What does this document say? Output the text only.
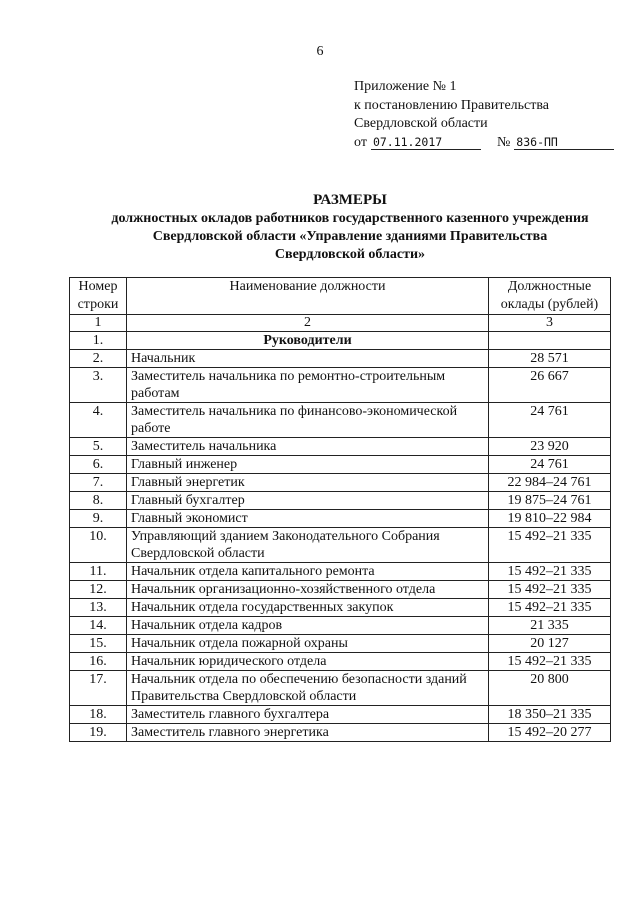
6
Приложение № 1
к постановлению Правительства
Свердловской области
от 07.11.2017	№ 836-ПП
РАЗМЕРЫ
должностных окладов работников государственного казенного учреждения
Свердловской области «Управление зданиями Правительства
Свердловской области»
Номер строки	Наименование должности	Должностные оклады (рублей)
1	2	3
1.	Руководители	
2.	Начальник	28 571
3.	Заместитель начальника по ремонтно-строительным работам	26 667
4.	Заместитель начальника по финансово-экономической работе	24 761
5.	Заместитель начальника	23 920
6.	Главный инженер	24 761
7.	Главный энергетик	22 984–24 761
8.	Главный бухгалтер	19 875–24 761
9.	Главный экономист	19 810–22 984
10.	Управляющий зданием Законодательного Собрания Свердловской области	15 492–21 335
11.	Начальник отдела капитального ремонта	15 492–21 335
12.	Начальник организационно-хозяйственного отдела	15 492–21 335
13.	Начальник отдела государственных закупок	15 492–21 335
14.	Начальник отдела кадров	21 335
15.	Начальник отдела пожарной охраны	20 127
16.	Начальник юридического отдела	15 492–21 335
17.	Начальник отдела по обеспечению безопасности зданий Правительства Свердловской области	20 800
18.	Заместитель главного бухгалтера	18 350–21 335
19.	Заместитель главного энергетика	15 492–20 277
